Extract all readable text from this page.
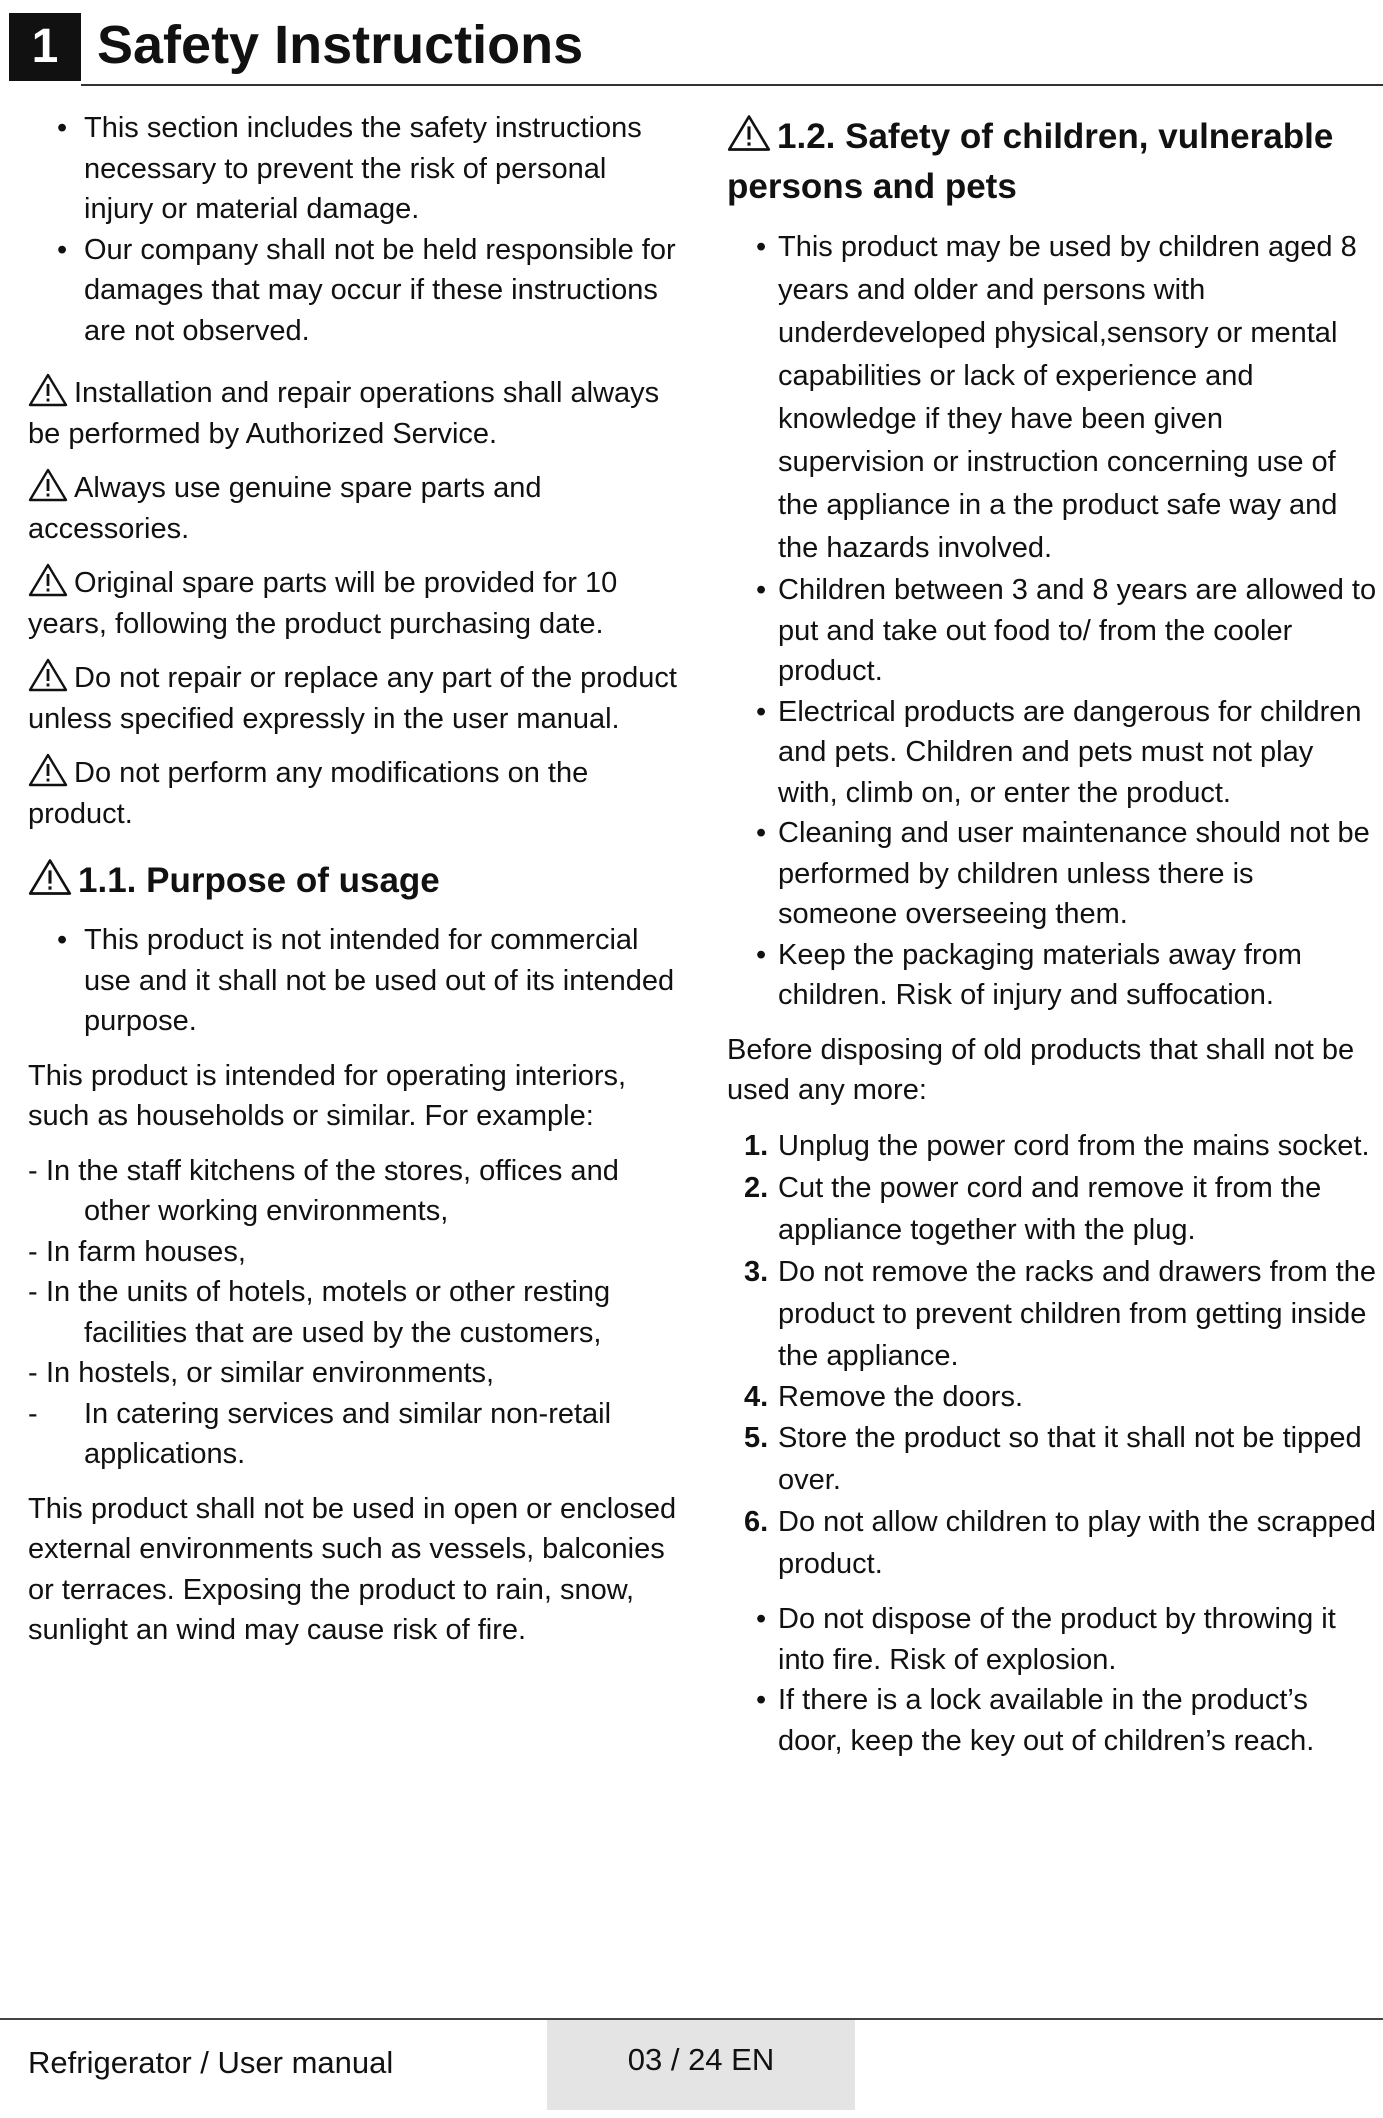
1 Safety Instructions

• This section includes the safety instructions necessary to prevent the risk of personal injury or material damage.

• Our company shall not be held responsible for damages that may occur if these instructions are not observed.

Installation and repair operations shall always be performed by Authorized Service.

Always use genuine spare parts and accessories.

Original spare parts will be provided for 10 years, following the product purchasing date.

Do not repair or replace any part of the product unless specified expressly in the user manual.

Do not perform any modifications on the product.

1.1. Purpose of usage

• This product is not intended for commercial use and it shall not be used out of its intended purpose.

This product is intended for operating interiors, such as households or similar. For example:

- In the staff kitchens of the stores, offices and other working environments,

- In farm houses,

- In the units of hotels, motels or other resting facilities that are used by the customers,

- In hostels, or similar environments,

- In catering services and similar non-retail applications.

This product shall not be used in open or enclosed external environments such as vessels, balconies or terraces. Exposing the product to rain, snow, sunlight an wind may cause risk of fire.

1.2. Safety of children, vulnerable persons and pets

• This product may be used by children aged 8 years and older and persons with underdeveloped physical,sensory or mental capabilities or lack of experience and knowledge if they have been given supervision or instruction concerning use of the appliance in a the product safe way and the hazards involved.

• Children between 3 and 8 years are allowed to put and take out food to/ from the cooler product.

• Electrical products are dangerous for children and pets. Children and pets must not play with, climb on, or enter the product.

• Cleaning and user maintenance should not be performed by children unless there is someone overseeing them.

• Keep the packaging materials away from children. Risk of injury and suffocation.

Before disposing of old products that shall not be used any more:

1. Unplug the power cord from the mains socket.

2. Cut the power cord and remove it from the appliance together with the plug.

3. Do not remove the racks and drawers from the product to prevent children from getting inside the appliance.

4. Remove the doors.

5. Store the product so that it shall not be tipped over.

6. Do not allow children to play with the scrapped product.

• Do not dispose of the product by throwing it into fire. Risk of explosion.

• If there is a lock available in the product’s door, keep the key out of children’s reach.

Refrigerator / User manual	03 / 24 EN
